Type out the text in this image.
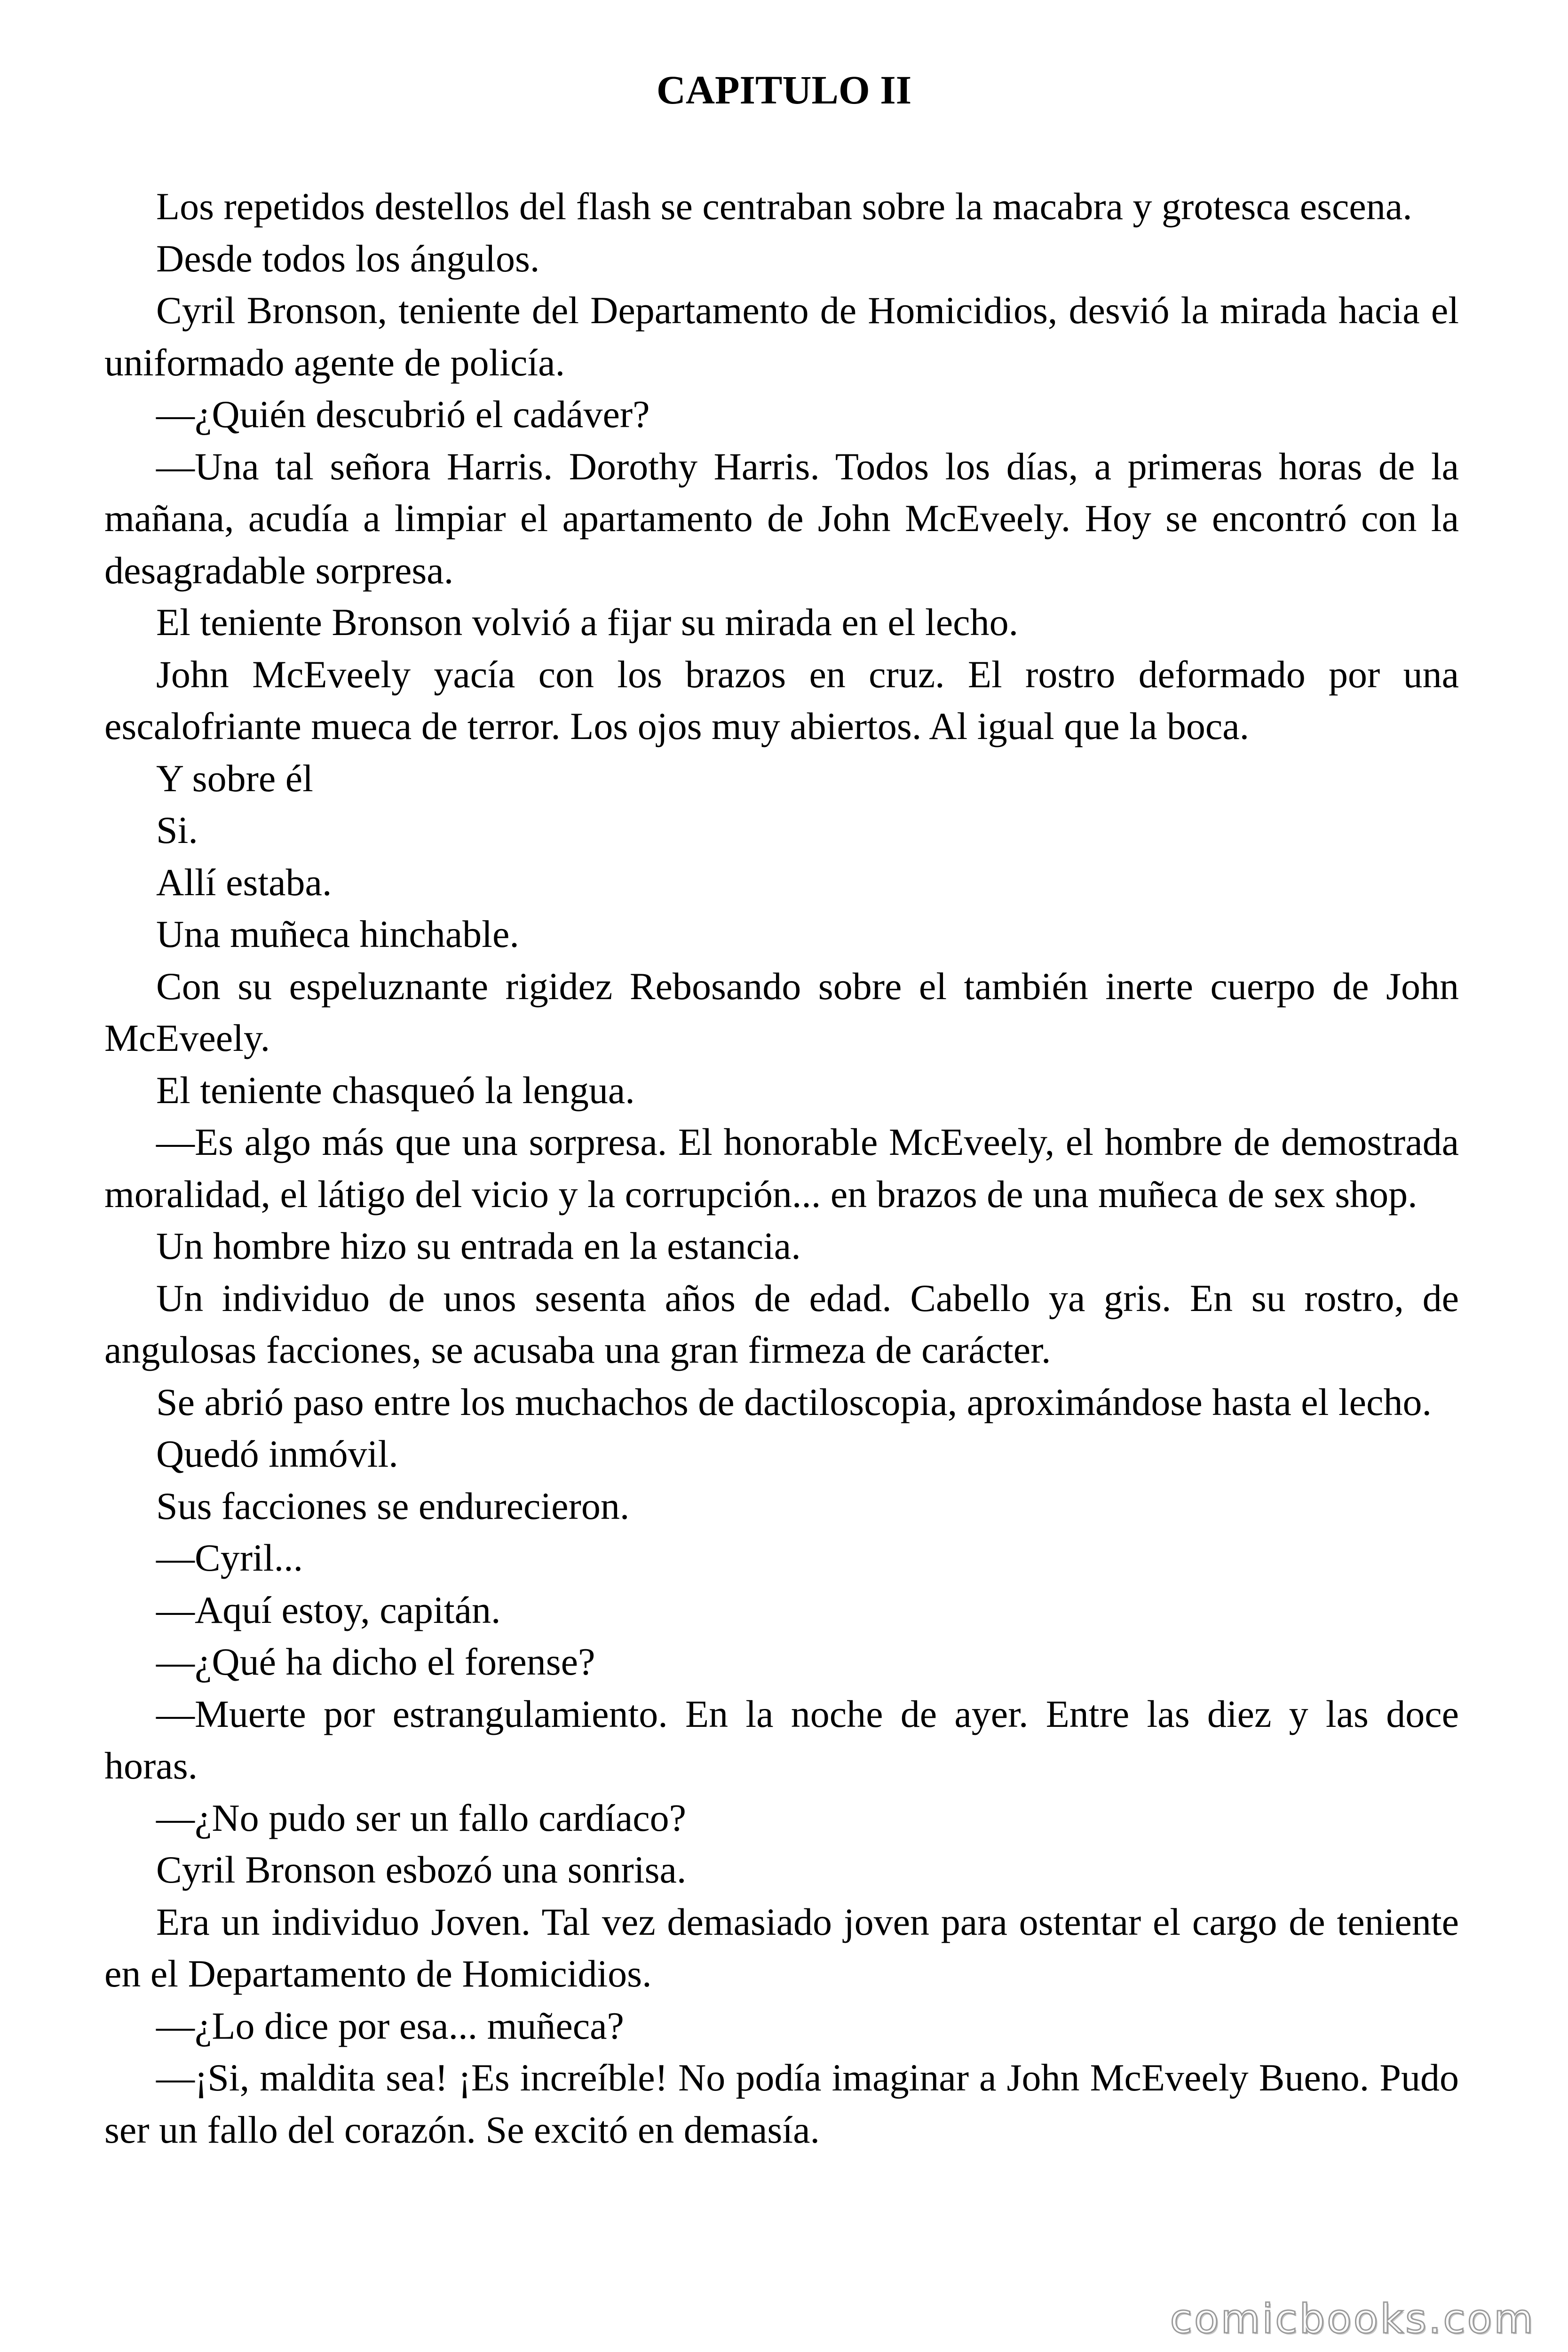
CAPITULO II

Los repetidos destellos del flash se centraban sobre la macabra y grotesca escena.

Desde todos los ángulos.

Cyril Bronson, teniente del Departamento de Homicidios, desvió la mirada hacia el uniformado agente de policía.

—¿Quién descubrió el cadáver?

—Una tal señora Harris. Dorothy Harris. Todos los días, a primeras horas de la mañana, acudía a limpiar el apartamento de John McEveely. Hoy se encontró con la desagradable sorpresa.

El teniente Bronson volvió a fijar su mirada en el lecho.

John McEveely yacía con los brazos en cruz. El rostro deformado por una escalofriante mueca de terror. Los ojos muy abiertos. Al igual que la boca.

Y sobre él

Si.

Allí estaba.

Una muñeca hinchable.

Con su espeluznante rigidez Rebosando sobre el también inerte cuerpo de John McEveely.

El teniente chasqueó la lengua.

—Es algo más que una sorpresa. El honorable McEveely, el hombre de demostrada moralidad, el látigo del vicio y la corrupción... en brazos de una muñeca de sex shop.

Un hombre hizo su entrada en la estancia.

Un individuo de unos sesenta años de edad. Cabello ya gris. En su rostro, de angulosas facciones, se acusaba una gran firmeza de carácter.

Se abrió paso entre los muchachos de dactiloscopia, aproximándose hasta el lecho.

Quedó inmóvil.

Sus facciones se endurecieron.

—Cyril...

—Aquí estoy, capitán.

—¿Qué ha dicho el forense?

—Muerte por estrangulamiento. En la noche de ayer. Entre las diez y las doce horas.

—¿No pudo ser un fallo cardíaco?

Cyril Bronson esbozó una sonrisa.

Era un individuo Joven. Tal vez demasiado joven para ostentar el cargo de teniente en el Departamento de Homicidios.

—¿Lo dice por esa... muñeca?

—¡Si, maldita sea! ¡Es increíble! No podía imaginar a John McEveely Bueno. Pudo ser un fallo del corazón. Se excitó en demasía.

comicbooks.com
